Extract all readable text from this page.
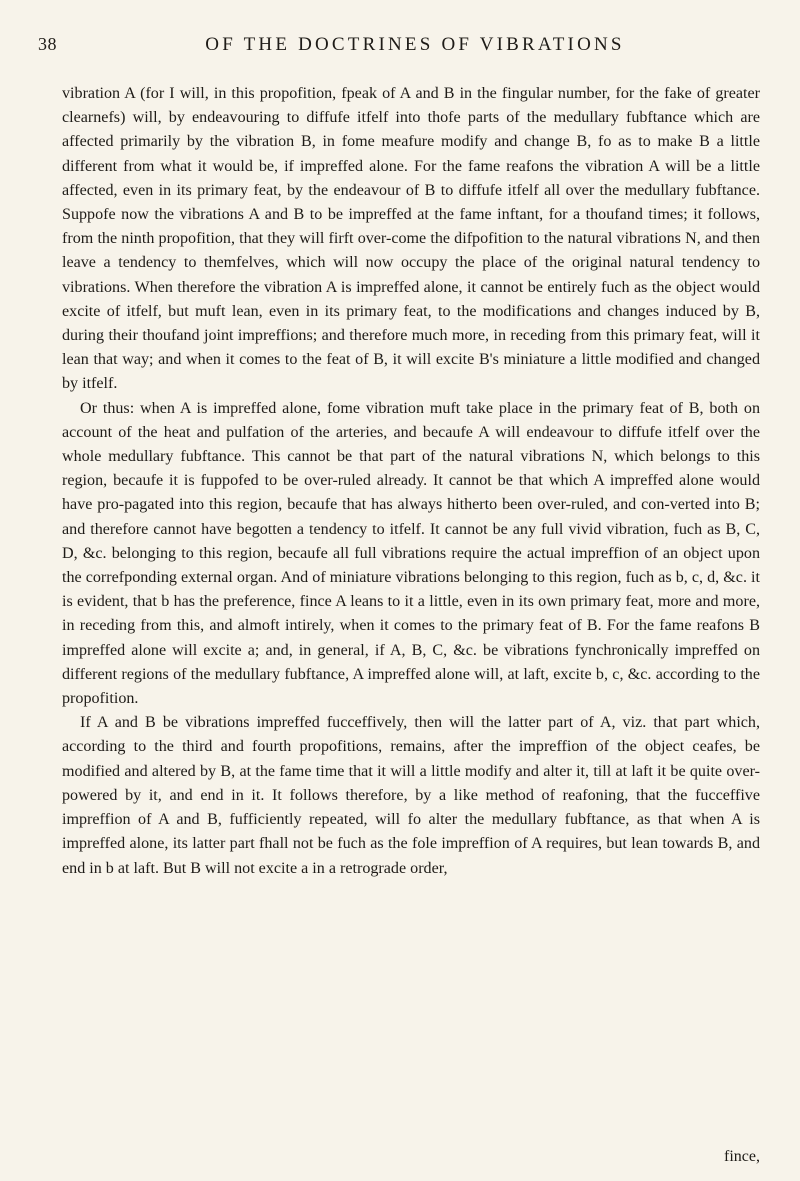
38	OF THE DOCTRINES OF VIBRATIONS

vibration A (for I will, in this propofition, fpeak of A and B in the fingular number, for the fake of greater clearnefs) will, by endeavouring to diffufe itfelf into thofe parts of the medullary fubftance which are affected primarily by the vibration B, in fome meafure modify and change B, fo as to make B a little different from what it would be, if impreffed alone. For the fame reafons the vibration A will be a little affected, even in its primary feat, by the endeavour of B to diffufe itfelf all over the medullary fubftance. Suppofe now the vibrations A and B to be impreffed at the fame inftant, for a thoufand times; it follows, from the ninth propofition, that they will firft over-come the difpofition to the natural vibrations N, and then leave a tendency to themfelves, which will now occupy the place of the original natural tendency to vibrations. When therefore the vibration A is impreffed alone, it cannot be entirely fuch as the object would excite of itfelf, but muft lean, even in its primary feat, to the modifications and changes induced by B, during their thoufand joint impreffions; and therefore much more, in receding from this primary feat, will it lean that way; and when it comes to the feat of B, it will excite B's miniature a little modified and changed by itfelf.

Or thus: when A is impreffed alone, fome vibration muft take place in the primary feat of B, both on account of the heat and pulfation of the arteries, and becaufe A will endeavour to diffufe itfelf over the whole medullary fubftance. This cannot be that part of the natural vibrations N, which belongs to this region, becaufe it is fuppofed to be over-ruled already. It cannot be that which A impreffed alone would have pro-pagated into this region, becaufe that has always hitherto been over-ruled, and con-verted into B; and therefore cannot have begotten a tendency to itfelf. It cannot be any full vivid vibration, fuch as B, C, D, &c. belonging to this region, becaufe all full vibrations require the actual impreffion of an object upon the correfponding external organ. And of miniature vibrations belonging to this region, fuch as b, c, d, &c. it is evident, that b has the preference, fince A leans to it a little, even in its own primary feat, more and more, in receding from this, and almoft intirely, when it comes to the primary feat of B. For the fame reafons B impreffed alone will excite a; and, in general, if A, B, C, &c. be vibrations fynchronically impreffed on different regions of the medullary fubftance, A impreffed alone will, at laft, excite b, c, &c. according to the propofition.

If A and B be vibrations impreffed fucceffively, then will the latter part of A, viz. that part which, according to the third and fourth propofitions, remains, after the impreffion of the object ceafes, be modified and altered by B, at the fame time that it will a little modify and alter it, till at laft it be quite over-powered by it, and end in it. It follows therefore, by a like method of reafoning, that the fucceffive impreffion of A and B, fufficiently repeated, will fo alter the medullary fubftance, as that when A is impreffed alone, its latter part fhall not be fuch as the fole impreffion of A requires, but lean towards B, and end in b at laft. But B will not excite a in a retrograde order,

fince,
